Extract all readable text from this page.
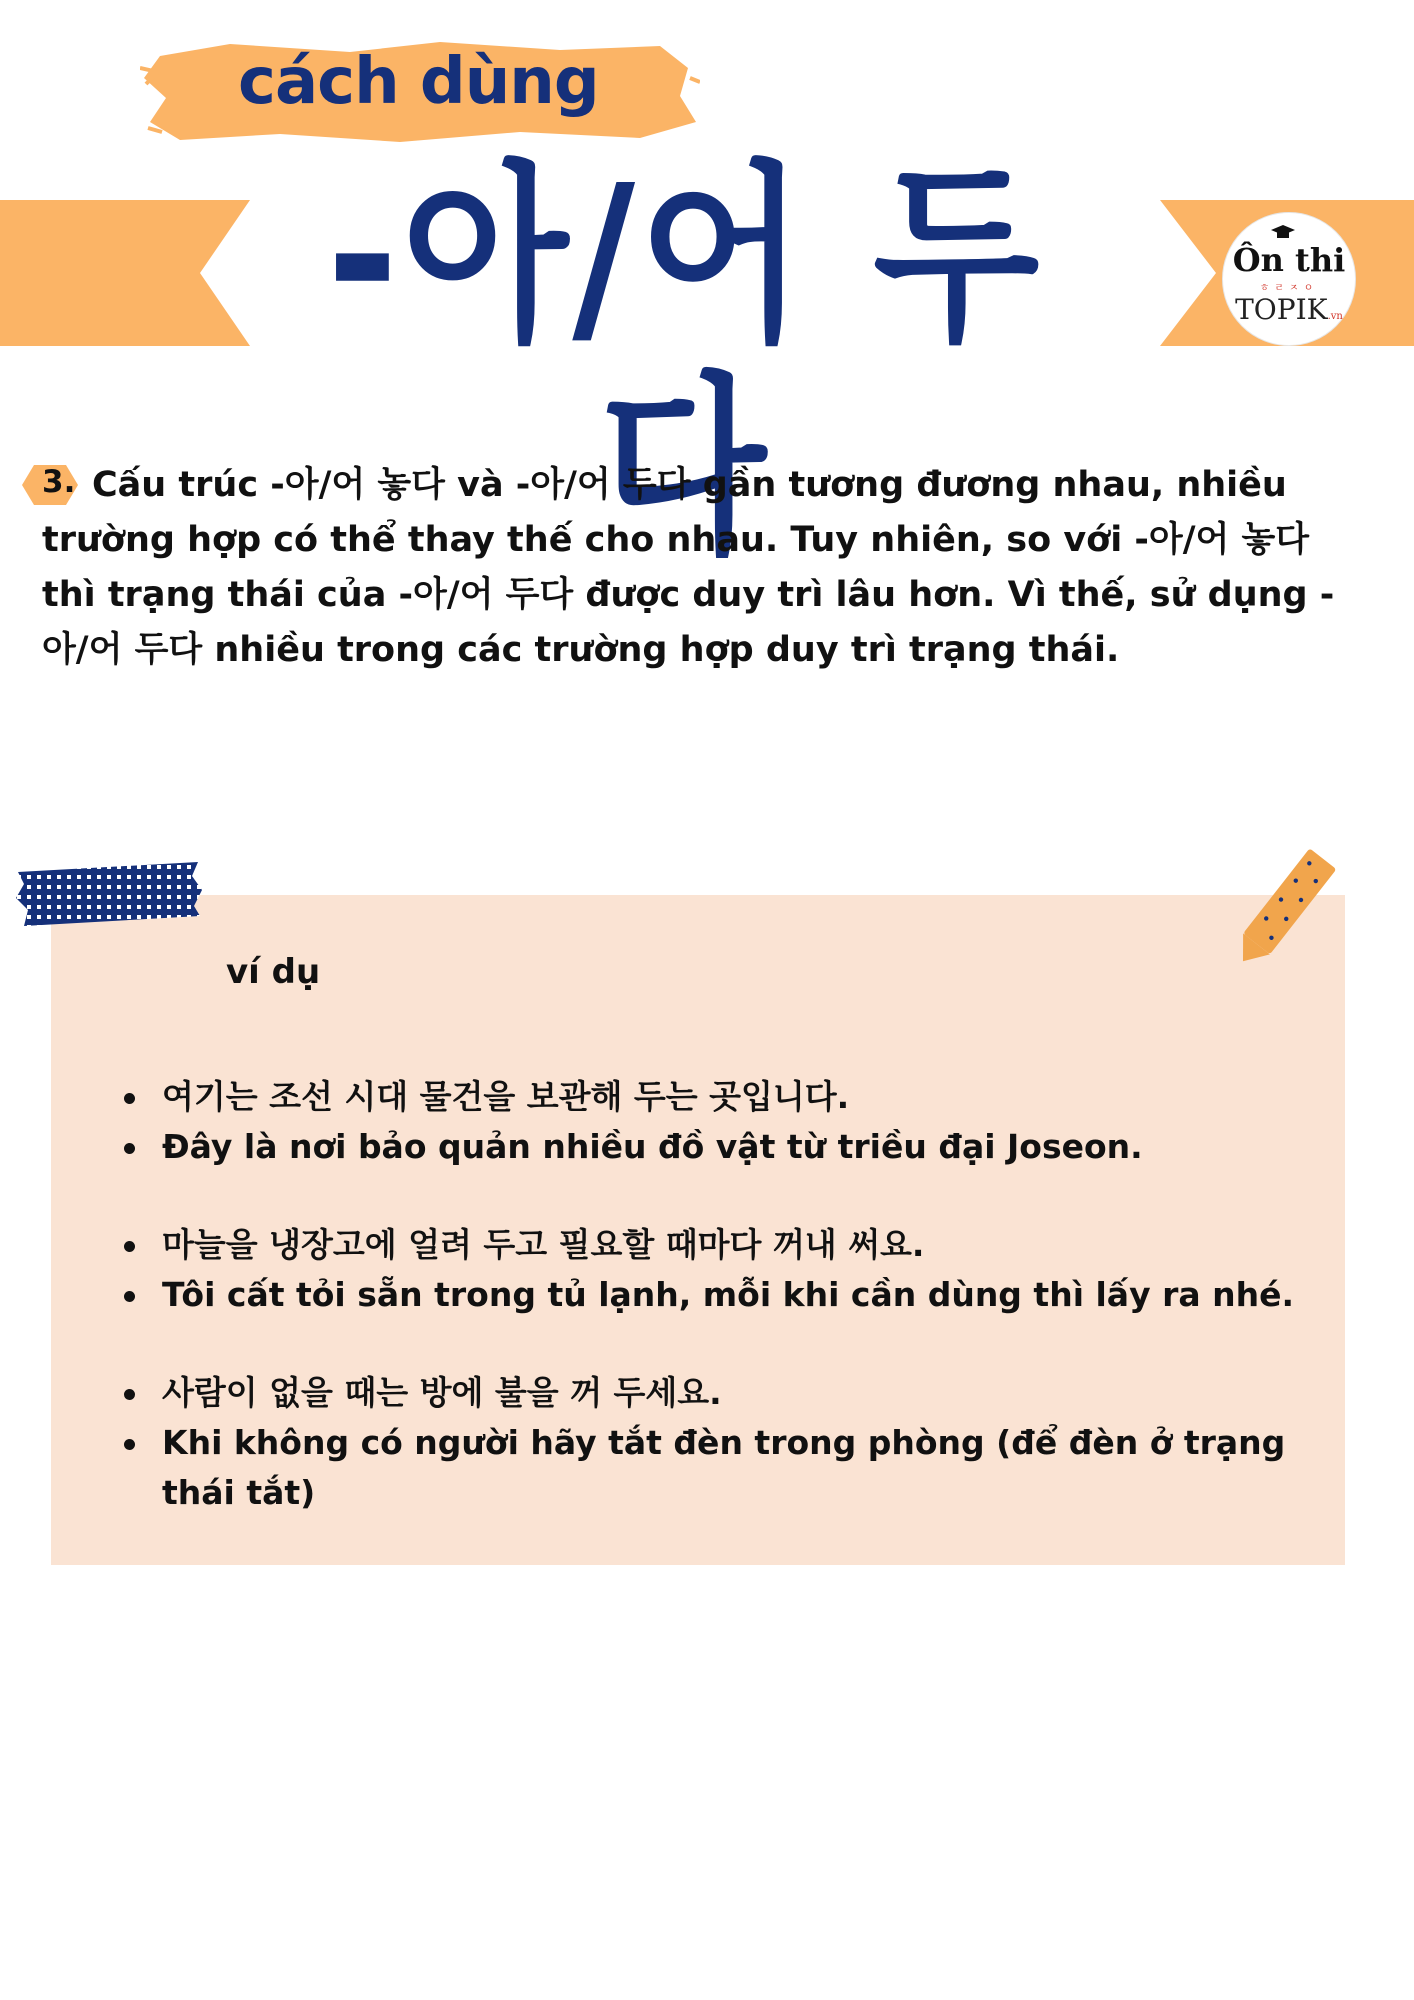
cách dùng
-아/어 두다
Ôn thi
ㅎㄹㅈㅇ
TOPIK.vn
3. Cấu trúc -아/어 놓다 và -아/어 두다 gần tương đương nhau, nhiều trường hợp có thể thay thế cho nhau. Tuy nhiên, so với -아/어 놓다 thì trạng thái của -아/어 두다 được duy trì lâu hơn. Vì thế, sử dụng -아/어 두다 nhiều trong các trường hợp duy trì trạng thái.
ví dụ
여기는 조선 시대 물건을 보관해 두는 곳입니다.
Đây là nơi bảo quản nhiều đồ vật từ triều đại Joseon.
마늘을 냉장고에 얼려 두고 필요할 때마다 꺼내 써요.
Tôi cất tỏi sẵn trong tủ lạnh, mỗi khi cần dùng thì lấy ra nhé.
사람이 없을 때는 방에 불을 꺼 두세요.
Khi không có người hãy tắt đèn trong phòng (để đèn ở trạng thái tắt)
